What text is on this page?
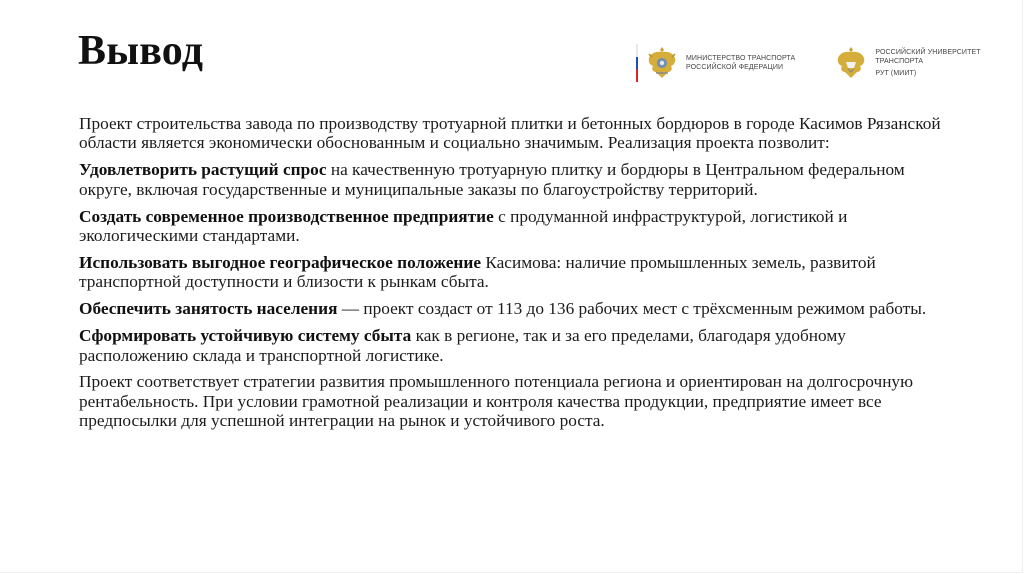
Вывод	МИНИСТЕРСТВО ТРАНСПОРТА
РОССИЙСКОЙ ФЕДЕРАЦИИ
РОССИЙСКИЙ УНИВЕРСИТЕТ
ТРАНСПОРТА
РУТ (МИИТ)

Проект строительства завода по производству тротуарной плитки и бетонных бордюров в городе Касимов Рязанской области является экономически обоснованным и социально значимым. Реализация проекта позволит:

Удовлетворить растущий спрос на качественную тротуарную плитку и бордюры в Центральном федеральном округе, включая государственные и муниципальные заказы по благоустройству территорий.

Создать современное производственное предприятие с продуманной инфраструктурой, логистикой и экологическими стандартами.

Использовать выгодное географическое положение Касимова: наличие промышленных земель, развитой транспортной доступности и близости к рынкам сбыта.

Обеспечить занятость населения — проект создаст от 113 до 136 рабочих мест с трёхсменным режимом работы.

Сформировать устойчивую систему сбыта как в регионе, так и за его пределами, благодаря удобному расположению склада и транспортной логистике.

Проект соответствует стратегии развития промышленного потенциала региона и ориентирован на долгосрочную рентабельность. При условии грамотной реализации и контроля качества продукции, предприятие имеет все предпосылки для успешной интеграции на рынок и устойчивого роста.
